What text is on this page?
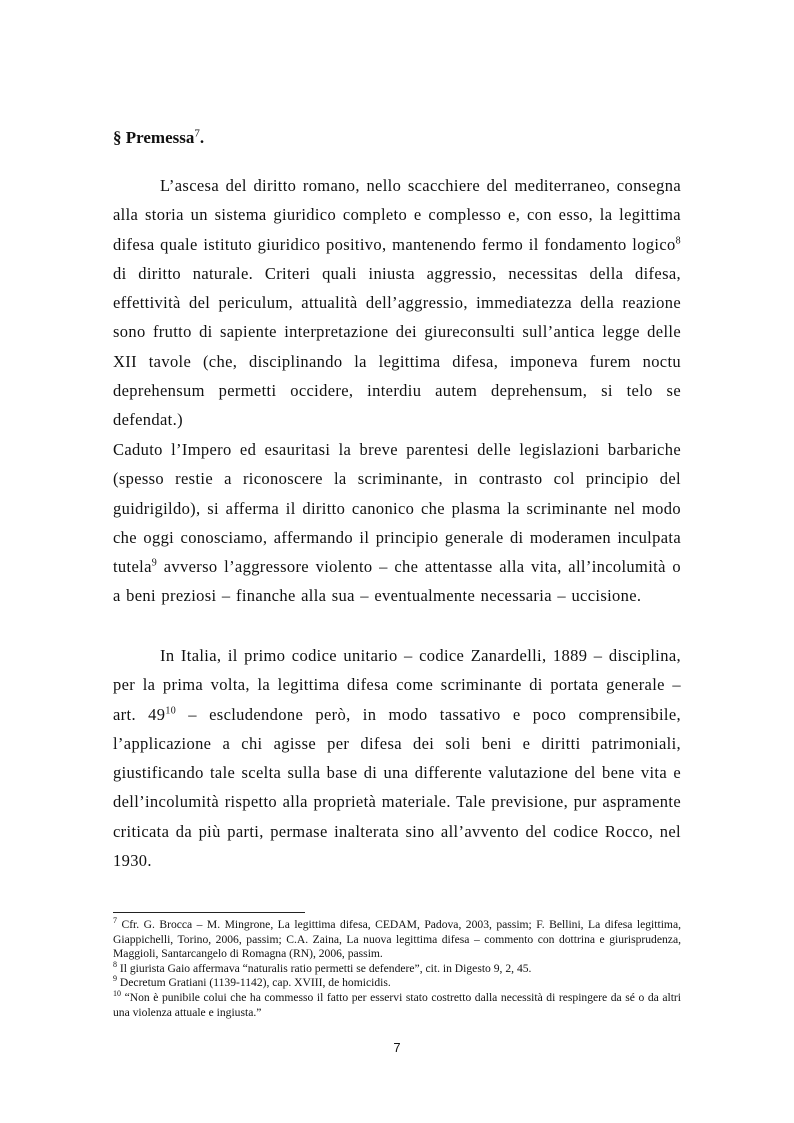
§ Premessa$^7$.

L’ascesa del diritto romano, nello scacchiere del mediterraneo, consegna alla storia un sistema giuridico completo e complesso e, con esso, la legittima difesa quale istituto giuridico positivo, mantenendo fermo il fondamento logico$^8$ di diritto naturale. Criteri quali iniusta aggressio, necessitas della difesa, effettività del periculum, attualità dell’aggressio, immediatezza della reazione sono frutto di sapiente interpretazione dei giureconsulti sull’antica legge delle XII tavole (che, disciplinando la legittima difesa, imponeva furem noctu deprehensum permetti occidere, interdiu autem deprehensum, si telo se defendat.)

Caduto l’Impero ed esauritasi la breve parentesi delle legislazioni barbariche (spesso restie a riconoscere la scriminante, in contrasto col principio del guidrigildo), si afferma il diritto canonico che plasma la scriminante nel modo che oggi conosciamo, affermando il principio generale di moderamen inculpata tutela$^9$ avverso l’aggressore violento – che attentasse alla vita, all’incolumità o a beni preziosi – finanche alla sua – eventualmente necessaria – uccisione.

In Italia, il primo codice unitario – codice Zanardelli, 1889 – disciplina, per la prima volta, la legittima difesa come scriminante di portata generale – art. $49^{10}$ – escludendone però, in modo tassativo e poco comprensibile, l’applicazione a chi agisse per difesa dei soli beni e diritti patrimoniali, giustificando tale scelta sulla base di una differente valutazione del bene vita e dell’incolumità rispetto alla proprietà materiale. Tale previsione, pur aspramente criticata da più parti, permase inalterata sino all’avvento del codice Rocco, nel 1930.

$^7$ Cfr. G. Brocca – M. Mingrone, La legittima difesa, CEDAM, Padova, 2003, passim; F. Bellini, La difesa legittima, Giappichelli, Torino, 2006, passim; C.A. Zaina, La nuova legittima difesa – commento con dottrina e giurisprudenza, Maggioli, Santarcangelo di Romagna (RN), 2006, passim.

$^8$ Il giurista Gaio affermava “naturalis ratio permetti se defendere”, cit. in Digesto 9, 2, 45.

$^9$ Decretum Gratiani (1139-1142), cap. XVIII, de homicidis.

$^{10}$ “Non è punibile colui che ha commesso il fatto per esservi stato costretto dalla necessità di respingere da sé o da altri una violenza attuale e ingiusta.”

7
